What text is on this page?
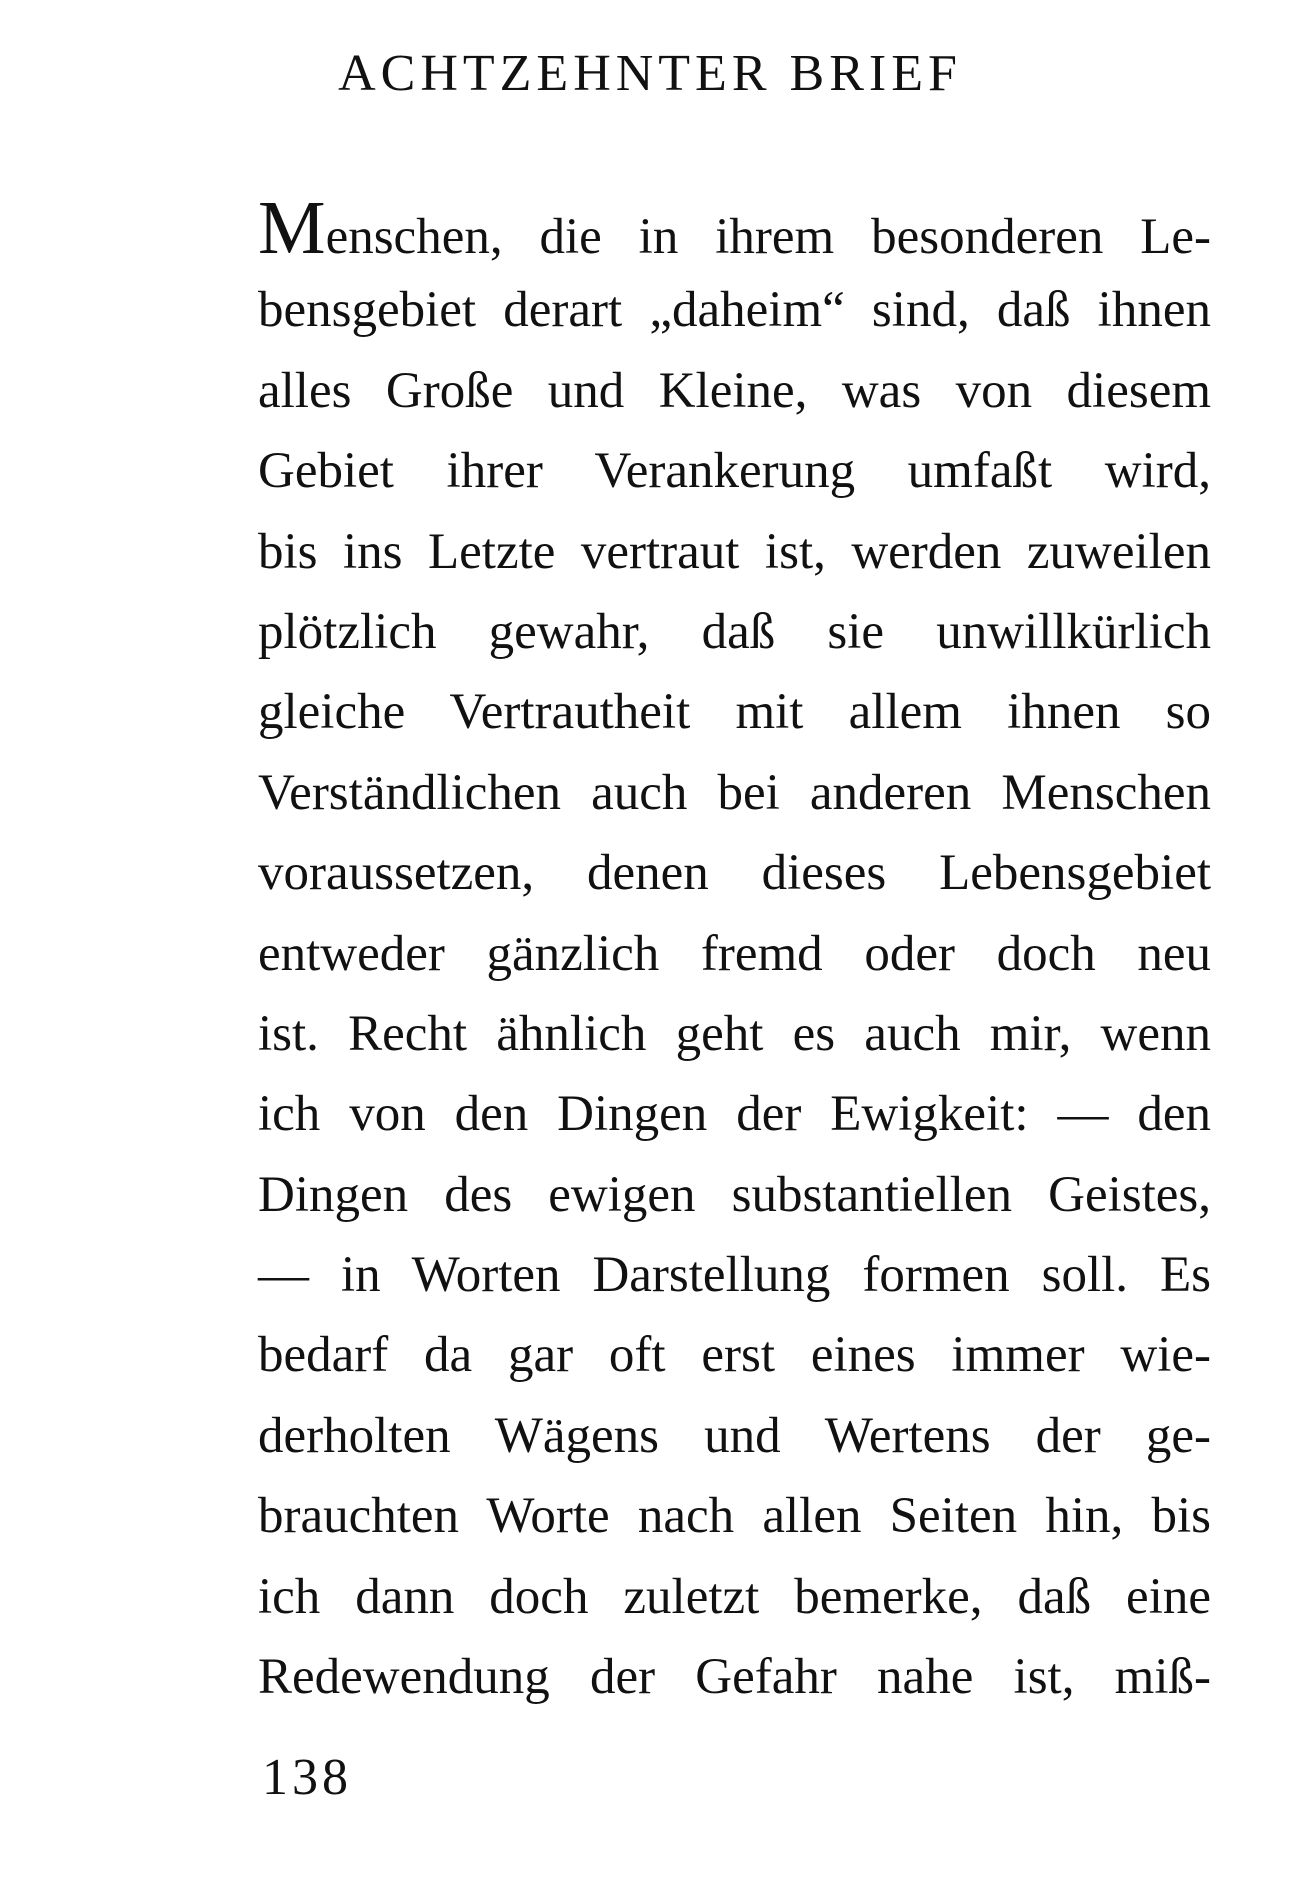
ACHTZEHNTER BRIEF
Menschen, die in ihrem besonderen Le-
bensgebiet derart „daheim“ sind, daß ihnen
alles Große und Kleine, was von diesem
Gebiet ihrer Verankerung umfaßt wird,
bis ins Letzte vertraut ist, werden zuweilen
plötzlich gewahr, daß sie unwillkürlich
gleiche Vertrautheit mit allem ihnen so
Verständlichen auch bei anderen Menschen
voraussetzen, denen dieses Lebensgebiet
entweder gänzlich fremd oder doch neu
ist. Recht ähnlich geht es auch mir, wenn
ich von den Dingen der Ewigkeit: — den
Dingen des ewigen substantiellen Geistes,
— in Worten Darstellung formen soll. Es
bedarf da gar oft erst eines immer wie-
derholten Wägens und Wertens der ge-
brauchten Worte nach allen Seiten hin, bis
ich dann doch zuletzt bemerke, daß eine
Redewendung der Gefahr nahe ist, miß-
138
